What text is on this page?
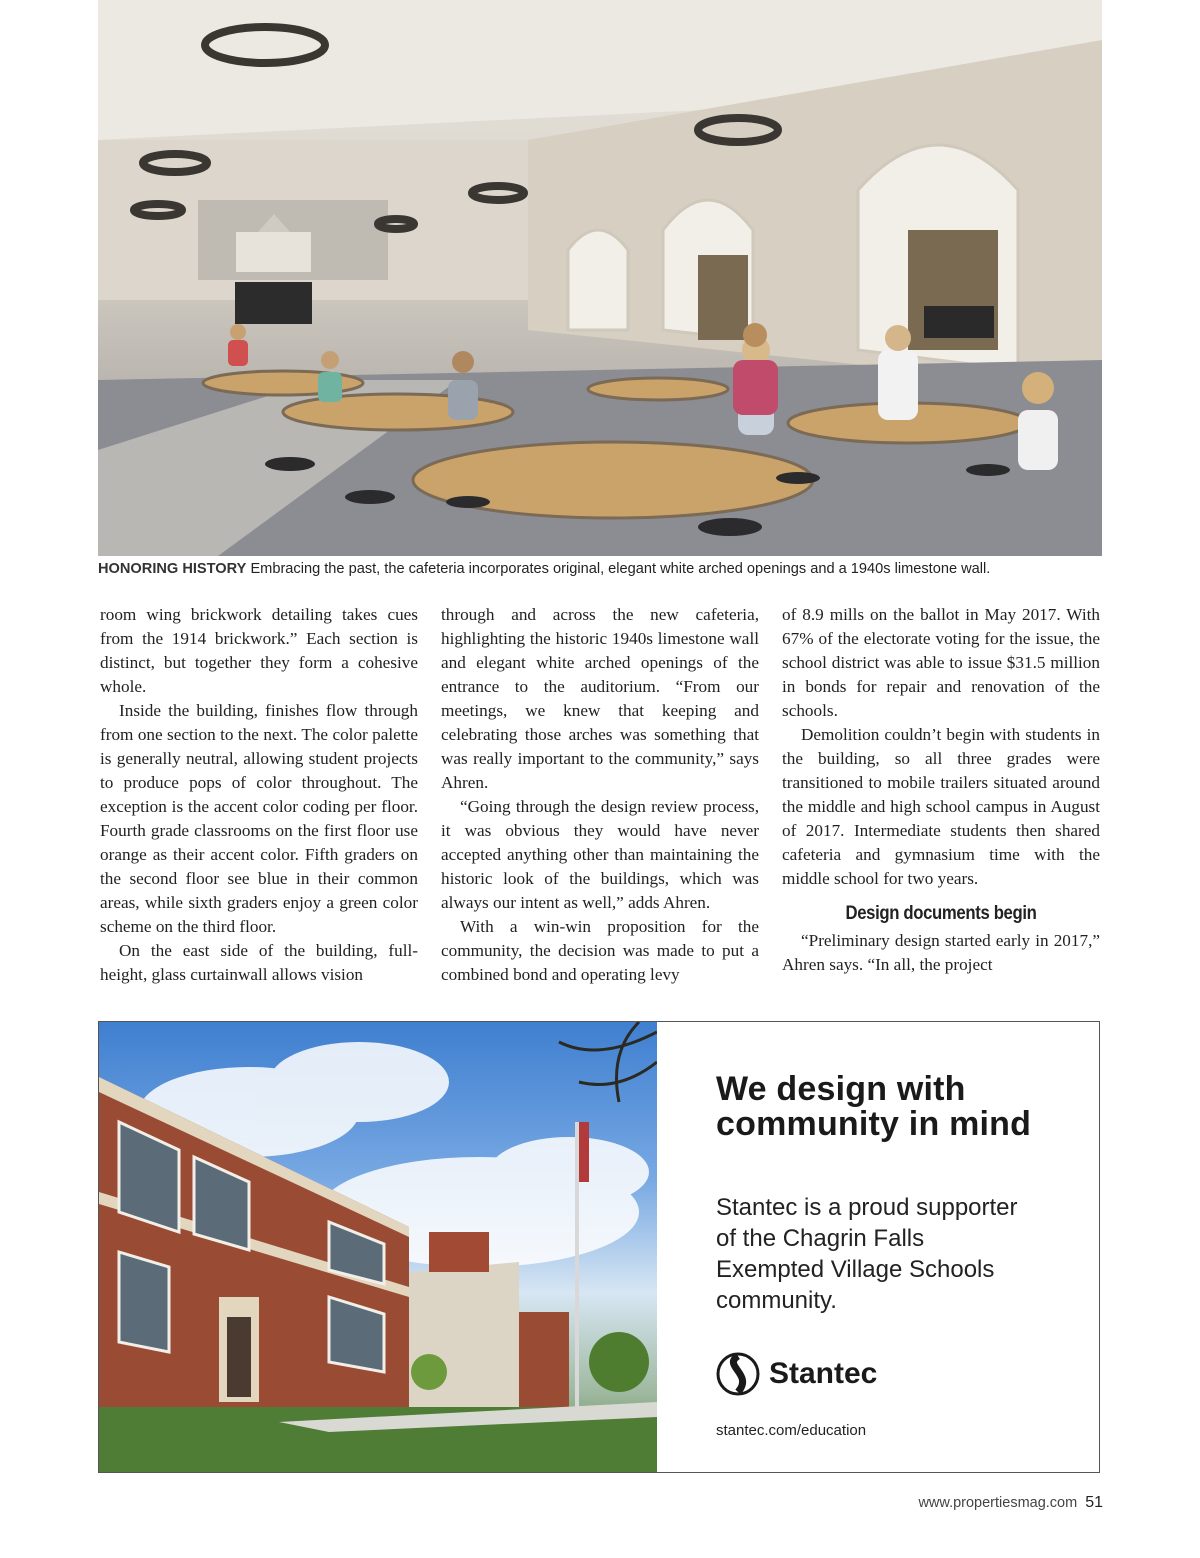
HONORING HISTORY Embracing the past, the cafeteria incorporates original, elegant white arched openings and a 1940s limestone wall.

room wing brickwork detailing takes cues from the 1914 brickwork.” Each section is distinct, but together they form a cohesive whole.

Inside the building, finishes flow through from one section to the next. The color palette is generally neutral, allowing student projects to produce pops of color throughout. The exception is the accent color coding per floor. Fourth grade classrooms on the first floor use orange as their accent color. Fifth graders on the second floor see blue in their common areas, while sixth graders enjoy a green color scheme on the third floor.

On the east side of the building, full-height, glass curtainwall allows vision

through and across the new cafeteria, highlighting the historic 1940s limestone wall and elegant white arched openings of the entrance to the auditorium. “From our meetings, we knew that keeping and celebrating those arches was something that was really important to the community,” says Ahren.

“Going through the design review process, it was obvious they would have never accepted anything other than maintaining the historic look of the buildings, which was always our intent as well,” adds Ahren.

With a win-win proposition for the community, the decision was made to put a combined bond and operating levy

of 8.9 mills on the ballot in May 2017. With 67% of the electorate voting for the issue, the school district was able to issue $31.5 million in bonds for repair and renovation of the schools.

Demolition couldn’t begin with students in the building, so all three grades were transitioned to mobile trailers situated around the middle and high school campus in August of 2017. Intermediate students then shared cafeteria and gymnasium time with the middle school for two years.

Design documents begin

“Preliminary design started early in 2017,” Ahren says. “In all, the project

We design with community in mind
Stantec is a proud supporter of the Chagrin Falls Exempted Village Schools community.
Stantec
stantec.com/education
www.propertiesmag.com 51
